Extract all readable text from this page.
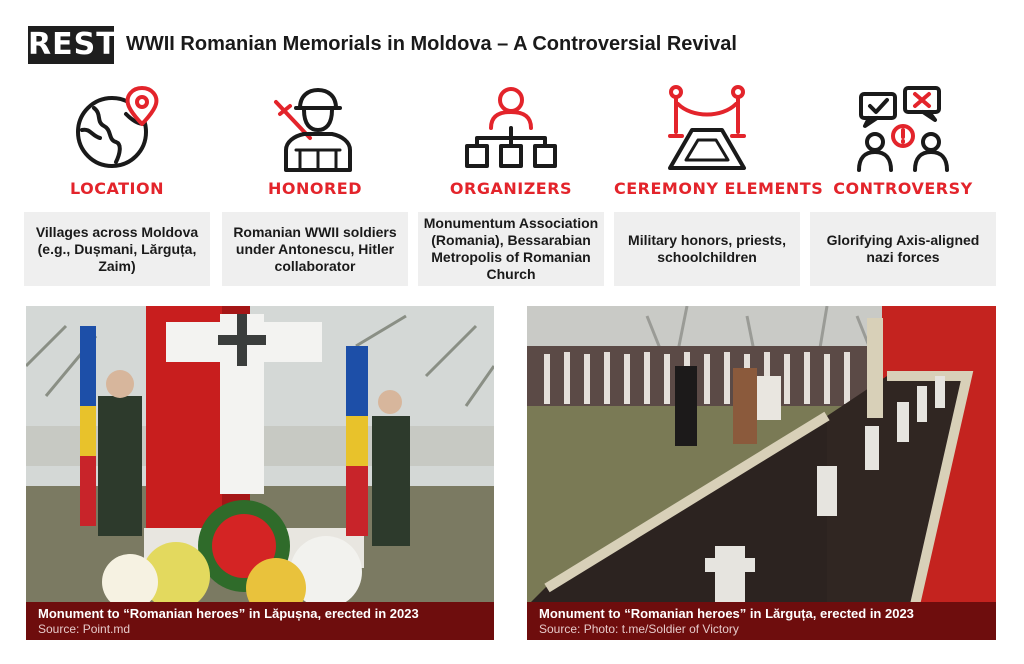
REST WWII Romanian Memorials in Moldova – A Controversial Revival
LOCATION
Villages across Moldova (e.g., Dușmani, Lărguța, Zaim)
HONORED
Romanian WWII soldiers under Antonescu, Hitler collaborator
ORGANIZERS
Monumentum Association (Romania), Bessarabian Metropolis of Romanian Church
CEREMONY ELEMENTS
Military honors, priests, schoolchildren
CONTROVERSY
Glorifying Axis-aligned nazi forces
Monument to “Romanian heroes” in Lăpușna, erected in 2023
Source: Point.md
Monument to “Romanian heroes” in Lărguța, erected in 2023
Source: Photo: t.me/Soldier of Victory
